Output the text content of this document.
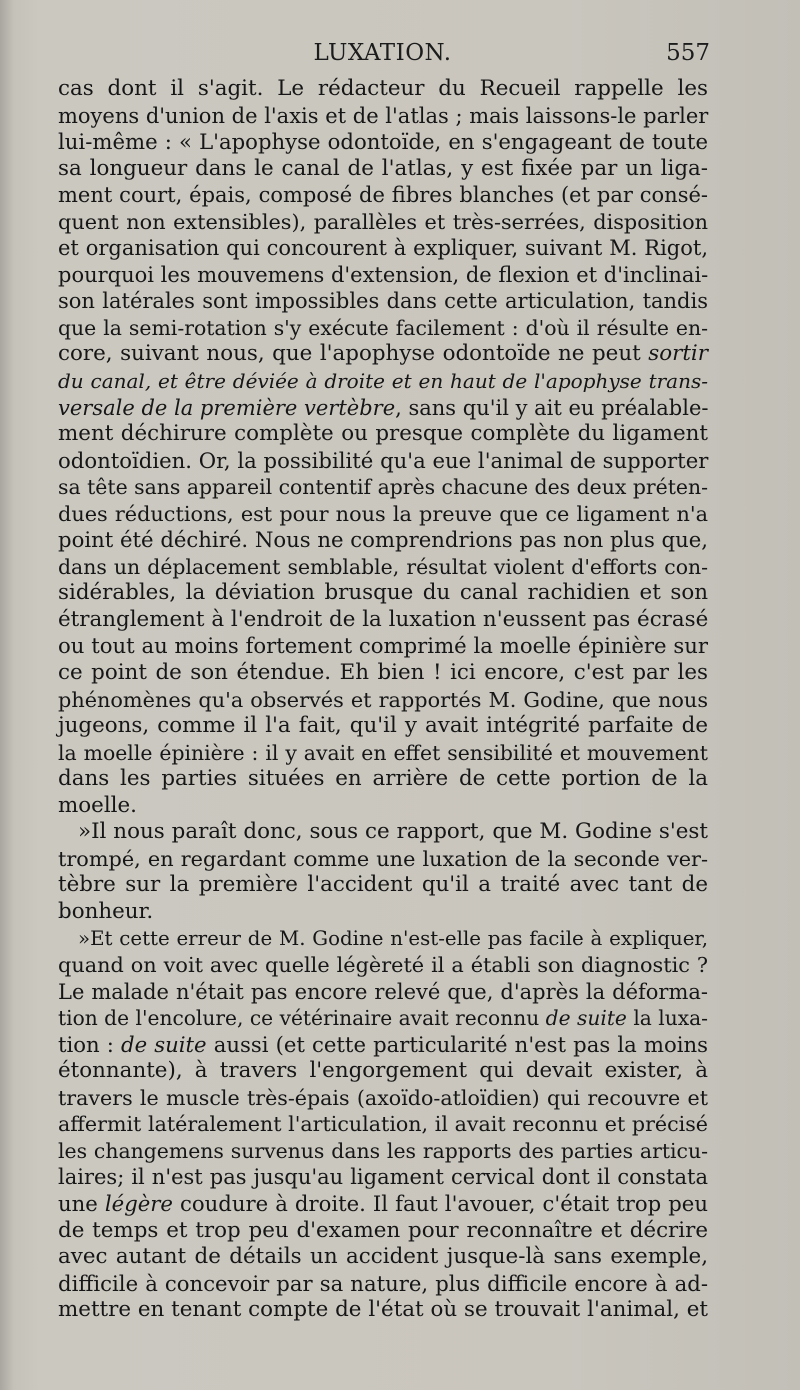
LUXATION.	557
cas dont il s'agit. Le rédacteur du Recueil rappelle les
moyens d'union de l'axis et de l'atlas ; mais laissons-le parler
lui-même : « L'apophyse odontoïde, en s'engageant de toute
sa longueur dans le canal de l'atlas, y est fixée par un liga-
ment court, épais, composé de fibres blanches (et par consé-
quent non extensibles), parallèles et très-serrées, disposition
et organisation qui concourent à expliquer, suivant M. Rigot,
pourquoi les mouvemens d'extension, de flexion et d'inclinai-
son latérales sont impossibles dans cette articulation, tandis
que la semi-rotation s'y exécute facilement : d'où il résulte en-
core, suivant nous, que l'apophyse odontoïde ne peut sortir
du canal, et être déviée à droite et en haut de l'apophyse trans-
versale de la première vertèbre, sans qu'il y ait eu préalable-
ment déchirure complète ou presque complète du ligament
odontoïdien. Or, la possibilité qu'a eue l'animal de supporter
sa tête sans appareil contentif après chacune des deux préten-
dues réductions, est pour nous la preuve que ce ligament n'a
point été déchiré. Nous ne comprendrions pas non plus que,
dans un déplacement semblable, résultat violent d'efforts con-
sidérables, la déviation brusque du canal rachidien et son
étranglement à l'endroit de la luxation n'eussent pas écrasé
ou tout au moins fortement comprimé la moelle épinière sur
ce point de son étendue. Eh bien ! ici encore, c'est par les
phénomènes qu'a observés et rapportés M. Godine, que nous
jugeons, comme il l'a fait, qu'il y avait intégrité parfaite de
la moelle épinière : il y avait en effet sensibilité et mouvement
dans les parties situées en arrière de cette portion de la
moelle.
»Il nous paraît donc, sous ce rapport, que M. Godine s'est
trompé, en regardant comme une luxation de la seconde ver-
tèbre sur la première l'accident qu'il a traité avec tant de
bonheur.
»Et cette erreur de M. Godine n'est-elle pas facile à expliquer,
quand on voit avec quelle légèreté il a établi son diagnostic ?
Le malade n'était pas encore relevé que, d'après la déforma-
tion de l'encolure, ce vétérinaire avait reconnu de suite la luxa-
tion : de suite aussi (et cette particularité n'est pas la moins
étonnante), à travers l'engorgement qui devait exister, à
travers le muscle très-épais (axoïdo-atloïdien) qui recouvre et
affermit latéralement l'articulation, il avait reconnu et précisé
les changemens survenus dans les rapports des parties articu-
laires; il n'est pas jusqu'au ligament cervical dont il constata
une légère coudure à droite. Il faut l'avouer, c'était trop peu
de temps et trop peu d'examen pour reconnaître et décrire
avec autant de détails un accident jusque-là sans exemple,
difficile à concevoir par sa nature, plus difficile encore à ad-
mettre en tenant compte de l'état où se trouvait l'animal, et
